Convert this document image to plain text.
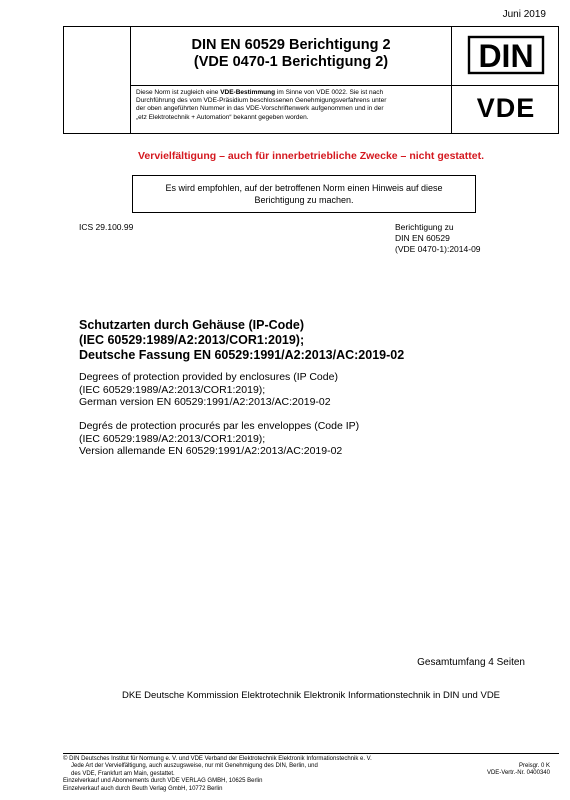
Juni 2019
DIN EN 60529 Berichtigung 2
(VDE 0470-1 Berichtigung 2)	DIN
VDE
Diese Norm ist zugleich eine VDE-Bestimmung im Sinne von VDE 0022. Sie ist nach
Durchführung des vom VDE-Präsidium beschlossenen Genehmigungsverfahrens unter
der oben angeführten Nummer in das VDE-Vorschriftenwerk aufgenommen und in der
„etz Elektrotechnik + Automation“ bekannt gegeben worden.
Vervielfältigung – auch für innerbetriebliche Zwecke – nicht gestattet.
Es wird empfohlen, auf der betroffenen Norm einen Hinweis auf diese
Berichtigung zu machen.
ICS 29.100.99	Berichtigung zu
DIN EN 60529
(VDE 0470-1):2014-09
Schutzarten durch Gehäuse (IP-Code)
(IEC 60529:1989/A2:2013/COR1:2019);
Deutsche Fassung EN 60529:1991/A2:2013/AC:2019-02
Degrees of protection provided by enclosures (IP Code)
(IEC 60529:1989/A2:2013/COR1:2019);
German version EN 60529:1991/A2:2013/AC:2019-02
Degrés de protection procurés par les enveloppes (Code IP)
(IEC 60529:1989/A2:2013/COR1:2019);
Version allemande EN 60529:1991/A2:2013/AC:2019-02
Gesamtumfang 4 Seiten
DKE Deutsche Kommission Elektrotechnik Elektronik Informationstechnik in DIN und VDE
© DIN Deutsches Institut für Normung e. V. und VDE Verband der Elektrotechnik Elektronik Informationstechnik e. V.
Jede Art der Vervielfältigung, auch auszugsweise, nur mit Genehmigung des DIN, Berlin, und
des VDE, Frankfurt am Main, gestattet.
Einzelverkauf und Abonnements durch VDE VERLAG GMBH, 10625 Berlin
Einzelverkauf auch durch Beuth Verlag GmbH, 10772 Berlin
Preisgr. 0 K
VDE-Vertr.-Nr. 0400340
